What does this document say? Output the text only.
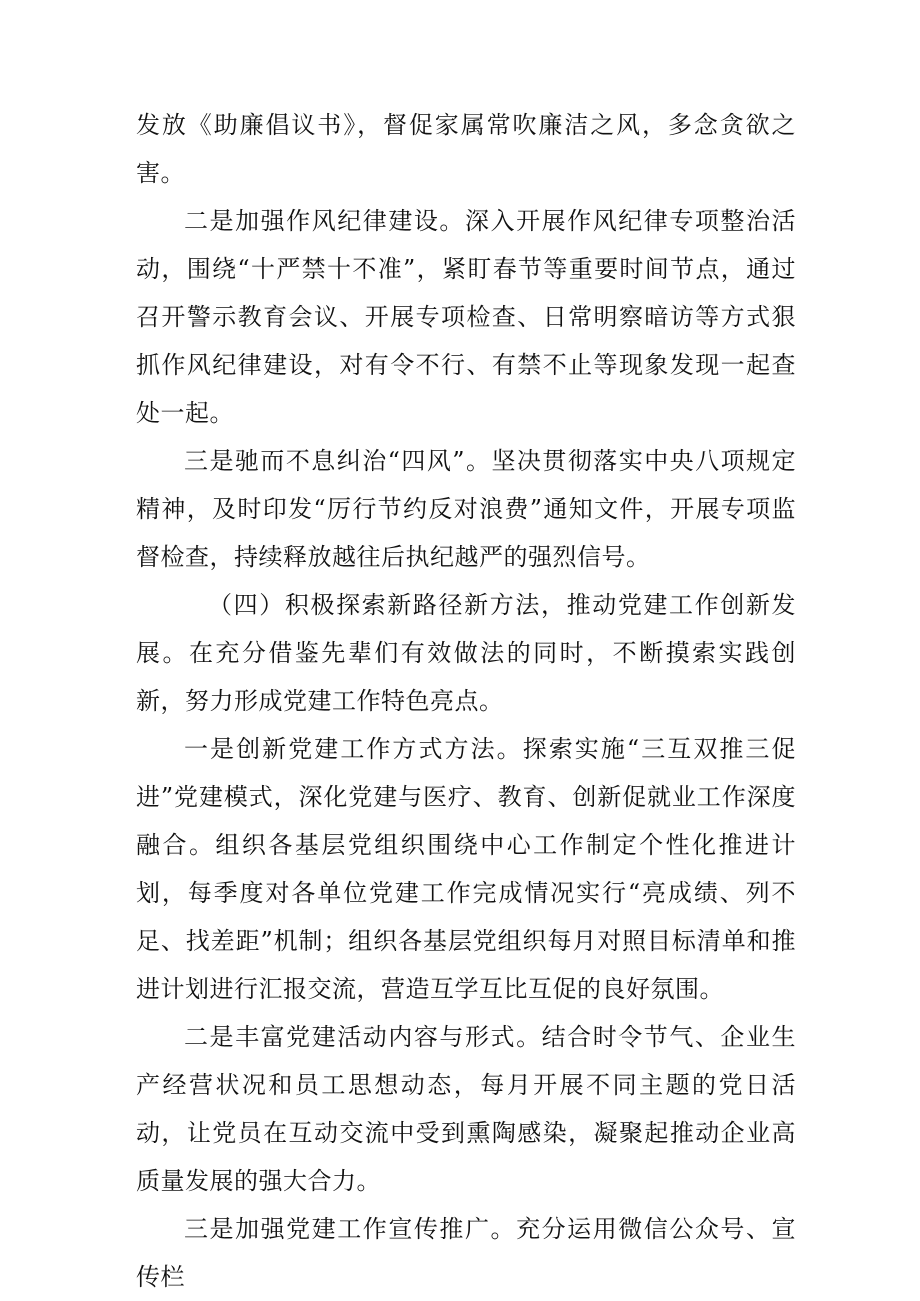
发放《助廉倡议书》，督促家属常吹廉洁之风，多念贪欲之害。

二是加强作风纪律建设。深入开展作风纪律专项整治活动，围绕“十严禁十不准”，紧盯春节等重要时间节点，通过召开警示教育会议、开展专项检查、日常明察暗访等方式狠抓作风纪律建设，对有令不行、有禁不止等现象发现一起查处一起。

三是驰而不息纠治“四风”。坚决贯彻落实中央八项规定精神，及时印发“厉行节约反对浪费”通知文件，开展专项监督检查，持续释放越往后执纪越严的强烈信号。

（四）积极探索新路径新方法，推动党建工作创新发展。在充分借鉴先辈们有效做法的同时，不断摸索实践创新，努力形成党建工作特色亮点。

一是创新党建工作方式方法。探索实施“三互双推三促进”党建模式，深化党建与医疗、教育、创新促就业工作深度融合。组织各基层党组织围绕中心工作制定个性化推进计划，每季度对各单位党建工作完成情况实行“亮成绩、列不足、找差距”机制；组织各基层党组织每月对照目标清单和推进计划进行汇报交流，营造互学互比互促的良好氛围。

二是丰富党建活动内容与形式。结合时令节气、企业生产经营状况和员工思想动态，每月开展不同主题的党日活动，让党员在互动交流中受到熏陶感染，凝聚起推动企业高质量发展的强大合力。

三是加强党建工作宣传推广。充分运用微信公众号、宣传栏
